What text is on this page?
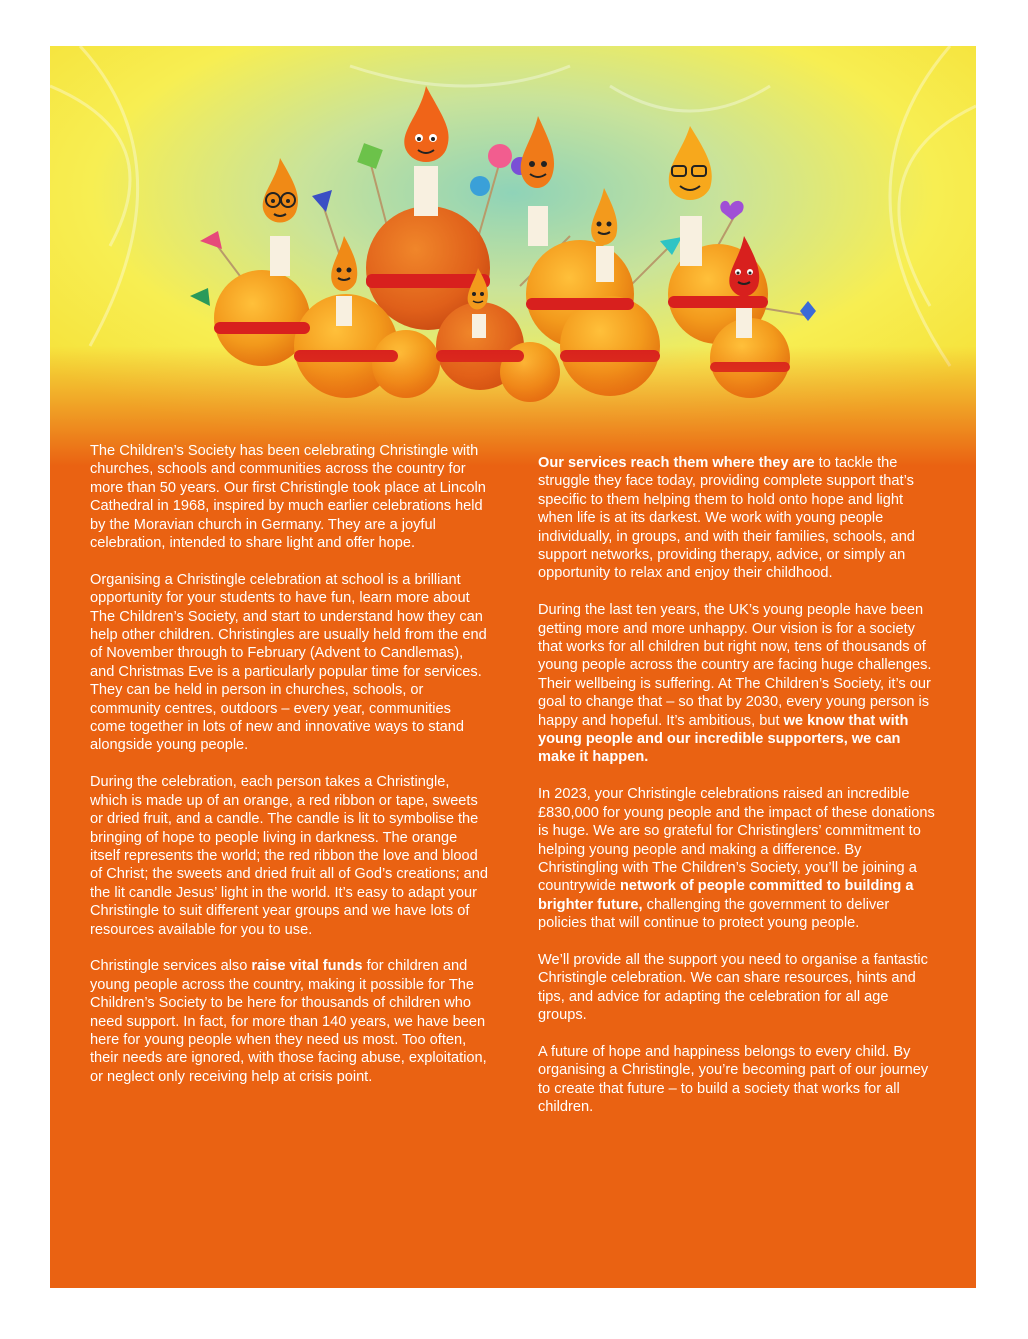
The Children’s Society has been celebrating Christingle with churches, schools and communities across the country for more than 50 years. Our first Christingle took place at Lincoln Cathedral in 1968, inspired by much earlier celebrations held by the Moravian church in Germany. They are a joyful celebration, intended to share light and offer hope.

Organising a Christingle celebration at school is a brilliant opportunity for your students to have fun, learn more about The Children’s Society, and start to understand how they can help other children. Christingles are usually held from the end of November through to February (Advent to Candlemas), and Christmas Eve is a particularly popular time for services. They can be held in person in churches, schools, or community centres, outdoors – every year, communities come together in lots of new and innovative ways to stand alongside young people.

During the celebration, each person takes a Christingle, which is made up of an orange, a red ribbon or tape, sweets or dried fruit, and a candle. The candle is lit to symbolise the bringing of hope to people living in darkness. The orange itself represents the world; the red ribbon the love and blood of Christ; the sweets and dried fruit all of God’s creations; and the lit candle Jesus’ light in the world. It’s easy to adapt your Christingle to suit different year groups and we have lots of resources available for you to use.

Christingle services also raise vital funds for children and young people across the country, making it possible for The Children’s Society to be here for thousands of children who need support. In fact, for more than 140 years, we have been here for young people when they need us most. Too often, their needs are ignored, with those facing abuse, exploitation, or neglect only receiving help at crisis point.

Our services reach them where they are to tackle the struggle they face today, providing complete support that’s specific to them helping them to hold onto hope and light when life is at its darkest. We work with young people individually, in groups, and with their families, schools, and support networks, providing therapy, advice, or simply an opportunity to relax and enjoy their childhood.

During the last ten years, the UK’s young people have been getting more and more unhappy. Our vision is for a society that works for all children but right now, tens of thousands of young people across the country are facing huge challenges. Their wellbeing is suffering. At The Children’s Society, it’s our goal to change that – so that by 2030, every young person is happy and hopeful. It’s ambitious, but we know that with young people and our incredible supporters, we can make it happen.

In 2023, your Christingle celebrations raised an incredible £830,000 for young people and the impact of these donations is huge. We are so grateful for Christinglers’ commitment to helping young people and making a difference. By Christingling with The Children’s Society, you’ll be joining a countrywide network of people committed to building a brighter future, challenging the government to deliver policies that will continue to protect young people.

We’ll provide all the support you need to organise a fantastic Christingle celebration. We can share resources, hints and tips, and advice for adapting the celebration for all age groups.

A future of hope and happiness belongs to every child. By organising a Christingle, you’re becoming part of our journey to create that future – to build a society that works for all children.
